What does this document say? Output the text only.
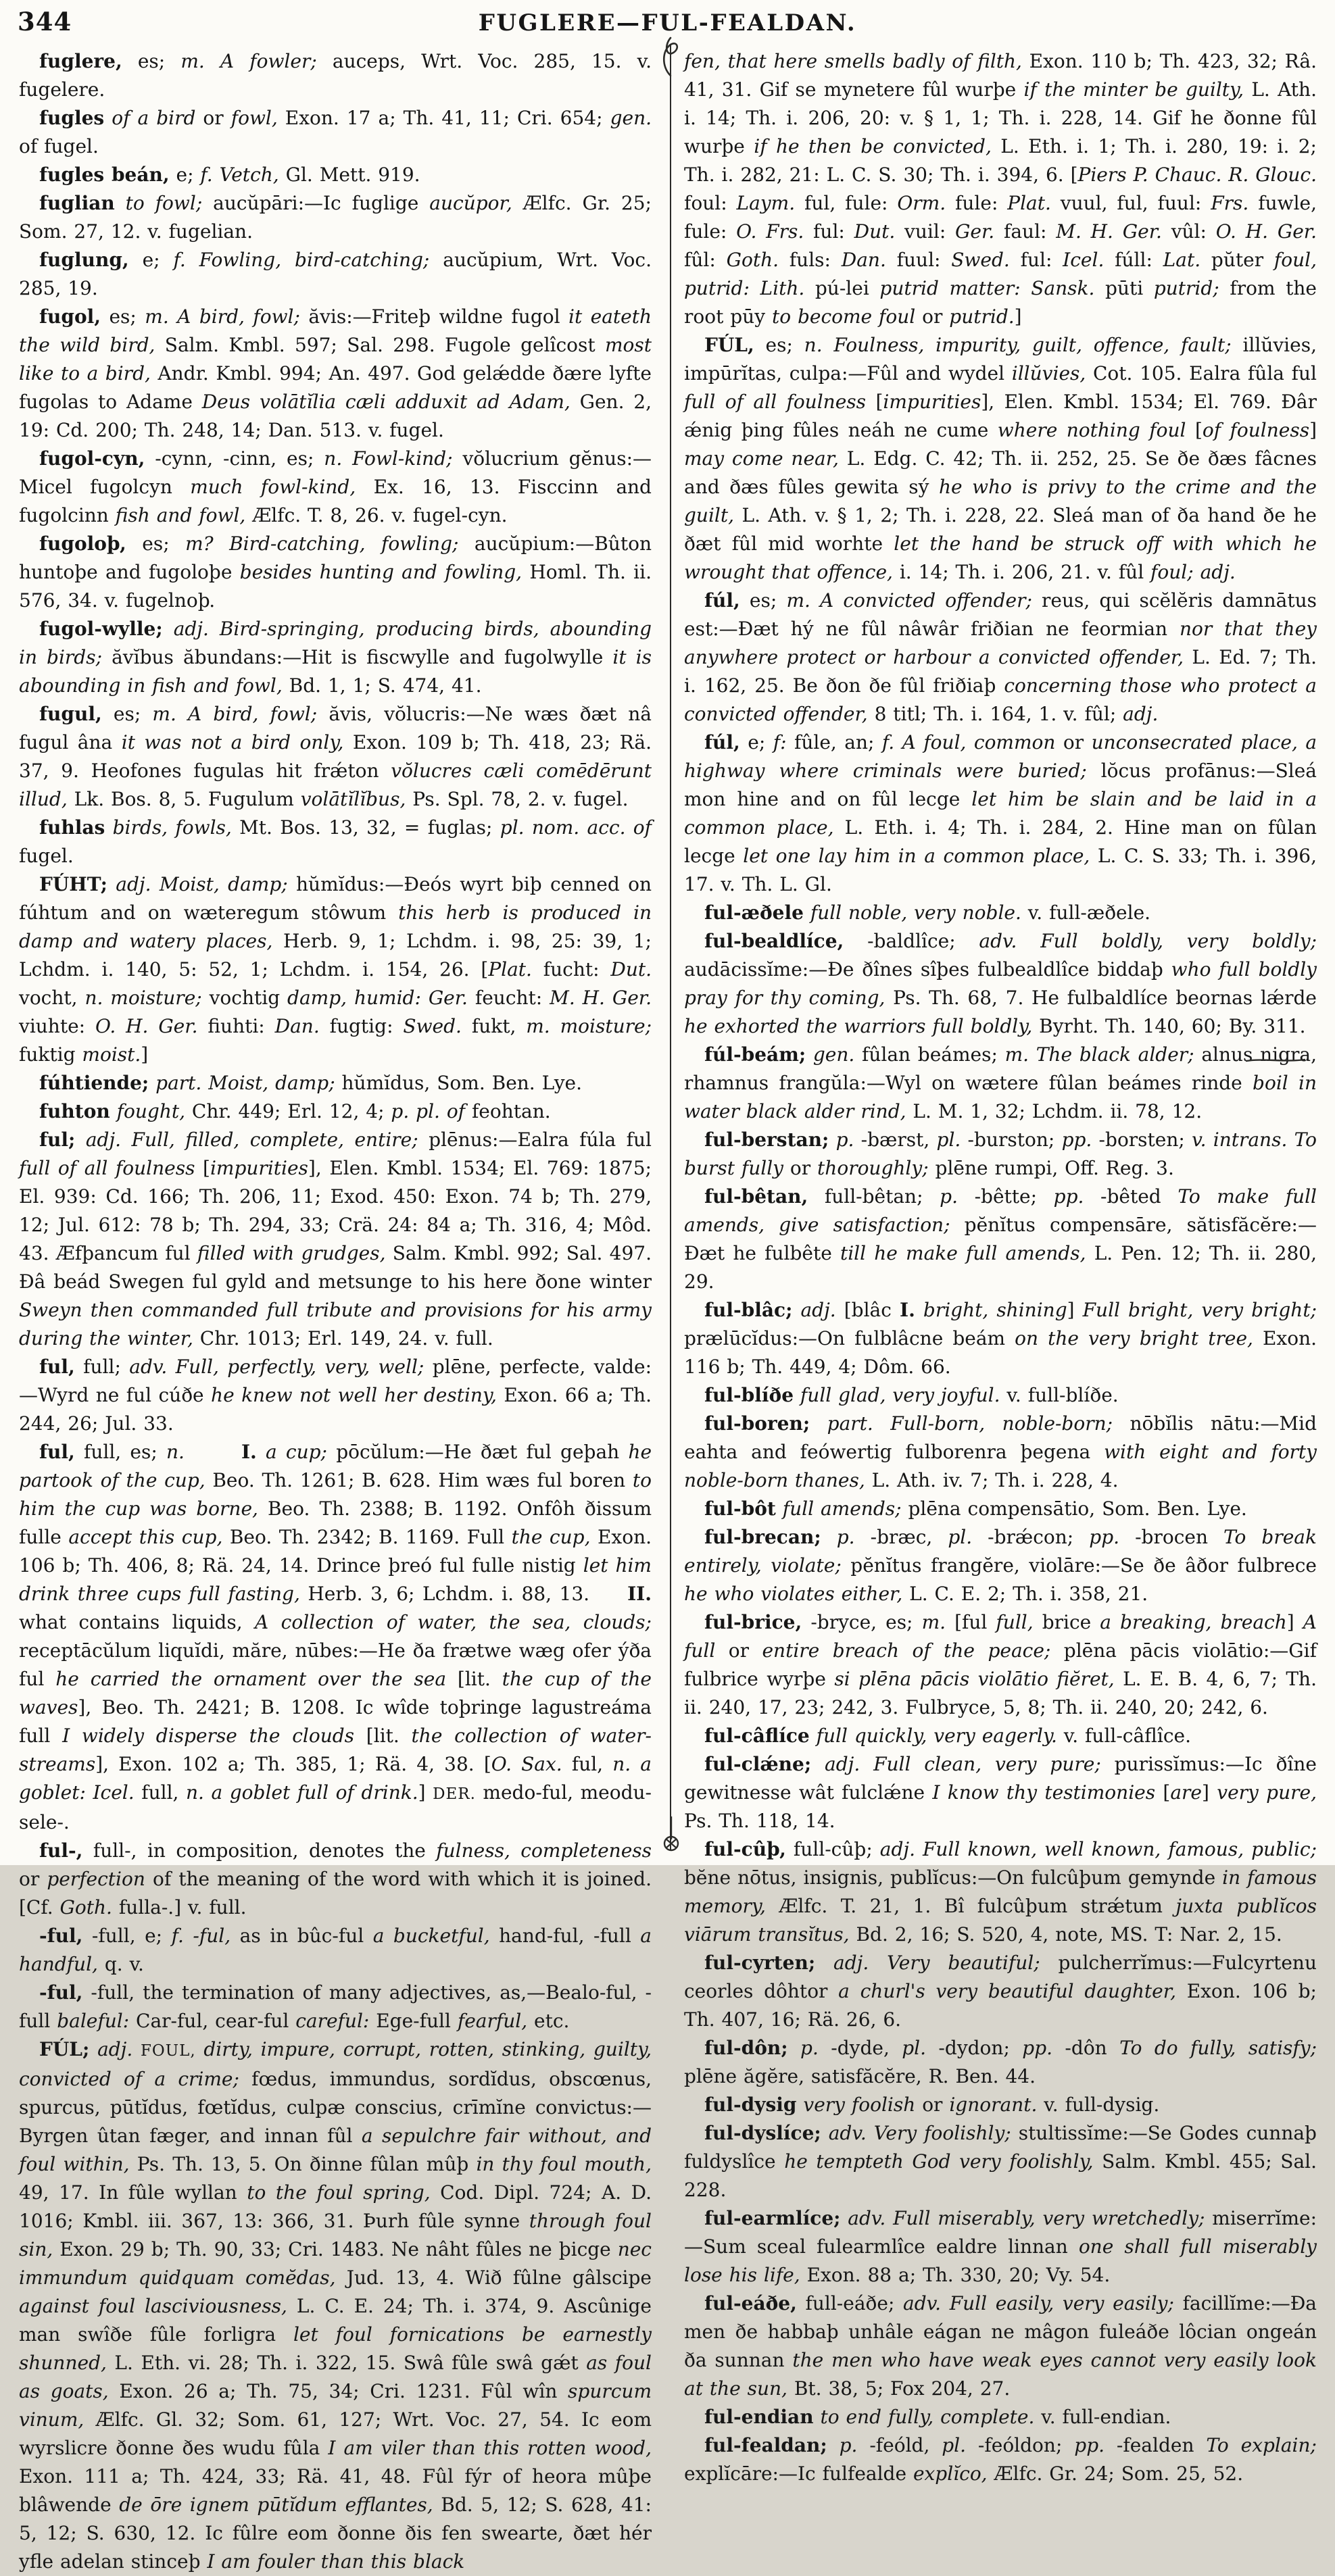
344	FUGLERE—FUL-FEALDAN.

fuglere, es; m. A fowler; auceps, Wrt. Voc. 285, 15. v. fugelere.

fugles of a bird or fowl, Exon. 17 a; Th. 41, 11; Cri. 654; gen. of fugel.

fugles beán, e; f. Vetch, Gl. Mett. 919.

fuglian to fowl; aucŭpāri:—Ic fuglige aucŭpor, Ælfc. Gr. 25; Som. 27, 12. v. fugelian.

fuglung, e; f. Fowling, bird-catching; aucŭpium, Wrt. Voc. 285, 19.

fugol, es; m. A bird, fowl; ăvis:—Friteþ wildne fugol it eateth the wild bird, Salm. Kmbl. 597; Sal. 298. Fugole gelîcost most like to a bird, Andr. Kmbl. 994; An. 497. God gelǽdde ðære lyfte fugolas to Adame Deus volātĭlia cæli adduxit ad Adam, Gen. 2, 19: Cd. 200; Th. 248, 14; Dan. 513. v. fugel.

fugol-cyn, -cynn, -cinn, es; n. Fowl-kind; vŏlucrium gĕnus:—Micel fugolcyn much fowl-kind, Ex. 16, 13. Fisccinn and fugolcinn fish and fowl, Ælfc. T. 8, 26. v. fugel-cyn.

fugoloþ, es; m? Bird-catching, fowling; aucŭpium:—Bûton huntoþe and fugoloþe besides hunting and fowling, Homl. Th. ii. 576, 34. v. fugelnoþ.

fugol-wylle; adj. Bird-springing, producing birds, abounding in birds; ăvĭbus ăbundans:—Hit is fiscwylle and fugolwylle it is abounding in fish and fowl, Bd. 1, 1; S. 474, 41.

fugul, es; m. A bird, fowl; ăvis, vŏlucris:—Ne wæs ðæt nâ fugul âna it was not a bird only, Exon. 109 b; Th. 418, 23; Rä. 37, 9. Heofones fugulas hit frǽton vŏlucres cæli comēdērunt illud, Lk. Bos. 8, 5. Fugulum volātĭlĭbus, Ps. Spl. 78, 2. v. fugel.

fuhlas birds, fowls, Mt. Bos. 13, 32, = fuglas; pl. nom. acc. of fugel.

FÚHT; adj. Moist, damp; hŭmĭdus:—Ðeós wyrt biþ cenned on fúhtum and on wæteregum stôwum this herb is produced in damp and watery places, Herb. 9, 1; Lchdm. i. 98, 25: 39, 1; Lchdm. i. 140, 5: 52, 1; Lchdm. i. 154, 26. [Plat. fucht: Dut. vocht, n. moisture; vochtig damp, humid: Ger. feucht: M. H. Ger. viuhte: O. H. Ger. fiuhti: Dan. fugtig: Swed. fukt, m. moisture; fuktig moist.]

fúhtiende; part. Moist, damp; hŭmĭdus, Som. Ben. Lye.

fuhton fought, Chr. 449; Erl. 12, 4; p. pl. of feohtan.

ful; adj. Full, filled, complete, entire; plēnus:—Ealra fúla ful full of all foulness [impurities], Elen. Kmbl. 1534; El. 769: 1875; El. 939: Cd. 166; Th. 206, 11; Exod. 450: Exon. 74 b; Th. 279, 12; Jul. 612: 78 b; Th. 294, 33; Crä. 24: 84 a; Th. 316, 4; Môd. 43. Æfþancum ful filled with grudges, Salm. Kmbl. 992; Sal. 497. Ðâ beád Swegen ful gyld and metsunge to his here ðone winter Sweyn then commanded full tribute and provisions for his army during the winter, Chr. 1013; Erl. 149, 24. v. full.

ful, full; adv. Full, perfectly, very, well; plēne, perfecte, valde:—Wyrd ne ful cúðe he knew not well her destiny, Exon. 66 a; Th. 244, 26; Jul. 33.

ful, full, es; n.   	I. a cup; pōcŭlum:—He ðæt ful geþah he partook of the cup, Beo. Th. 1261; B. 628. Him wæs ful boren to him the cup was borne, Beo. Th. 2388; B. 1192. Onfôh ðissum fulle accept this cup, Beo. Th. 2342; B. 1169. Full the cup, Exon. 106 b; Th. 406, 8; Rä. 24, 14. Drince þreó ful fulle nistig let him drink three cups full fasting, Herb. 3, 6; Lchdm. i. 88, 13.  II. what contains liquids, A collection of water, the sea, clouds; receptācŭlum liquĭdi, măre, nūbes:—He ða frætwe wæg ofer ýða ful he carried the ornament over the sea [lit. the cup of the waves], Beo. Th. 2421; B. 1208. Ic wîde toþringe lagustreáma full I widely disperse the clouds [lit. the collection of water-streams], Exon. 102 a; Th. 385, 1; Rä. 4, 38. [O. Sax. ful, n. a goblet: Icel. full, n. a goblet full of drink.] DER. medo-ful, meodu-sele-.

ful-, full-, in composition, denotes the fulness, completeness or perfection of the meaning of the word with which it is joined. [Cf. Goth. fulla-.] v. full.

-ful, -full, e; f. -ful, as in bûc-ful a bucketful, hand-ful, -full a handful, q. v.

-ful, -full, the termination of many adjectives, as,—Bealo-ful, -full baleful: Car-ful, cear-ful careful: Ege-full fearful, etc.

FÚL; adj. FOUL, dirty, impure, corrupt, rotten, stinking, guilty, convicted of a crime; fœdus, immundus, sordĭdus, obscœnus, spurcus, pūtĭdus, fœtĭdus, culpæ conscius, crīmĭne convictus:—Byrgen ûtan fæger, and innan fûl a sepulchre fair without, and foul within, Ps. Th. 13, 5. On ðinne fûlan mûþ in thy foul mouth, 49, 17. In fûle wyllan to the foul spring, Cod. Dipl. 724; A. D. 1016; Kmbl. iii. 367, 13: 366, 31. Þurh fûle synne through foul sin, Exon. 29 b; Th. 90, 33; Cri. 1483. Ne nâht fûles ne þicge nec immundum quidquam comĕdas, Jud. 13, 4. Wið fûlne gâlscipe against foul lasciviousness, L. C. E. 24; Th. i. 374, 9. Ascûnige man swîðe fûle forligra let foul fornications be earnestly shunned, L. Eth. vi. 28; Th. i. 322, 15. Swâ fûle swâ gǽt as foul as goats, Exon. 26 a; Th. 75, 34; Cri. 1231. Fûl wîn spurcum vinum, Ælfc. Gl. 32; Som. 61, 127; Wrt. Voc. 27, 54. Ic eom wyrslicre ðonne ðes wudu fûla I am viler than this rotten wood, Exon. 111 a; Th. 424, 33; Rä. 41, 48. Fûl fýr of heora mûþe blâwende de ōre ignem pūtĭdum efflantes, Bd. 5, 12; S. 628, 41: 5, 12; S. 630, 12. Ic fûlre eom ðonne ðis fen swearte, ðæt hér yfle adelan stinceþ I am fouler than this black

fen, that here smells badly of filth, Exon. 110 b; Th. 423, 32; Râ. 41, 31. Gif se mynetere fûl wurþe if the minter be guilty, L. Ath. i. 14; Th. i. 206, 20: v. § 1, 1; Th. i. 228, 14. Gif he ðonne fûl wurþe if he then be convicted, L. Eth. i. 1; Th. i. 280, 19: i. 2; Th. i. 282, 21: L. C. S. 30; Th. i. 394, 6. [Piers P. Chauc. R. Glouc. foul: Laym. ful, fule: Orm. fule: Plat. vuul, ful, fuul: Frs. fuwle, fule: O. Frs. ful: Dut. vuil: Ger. faul: M. H. Ger. vûl: O. H. Ger. fûl: Goth. fuls: Dan. fuul: Swed. ful: Icel. fúll: Lat. pŭter foul, putrid: Lith. pú-lei putrid matter: Sansk. pūti putrid; from the root pūy to become foul or putrid.]

FÚL, es; n. Foulness, impurity, guilt, offence, fault; illŭvies, impūrĭtas, culpa:—Fûl and wydel illŭvies, Cot. 105. Ealra fûla ful full of all foulness [impurities], Elen. Kmbl. 1534; El. 769. Ðâr ǽnig þing fûles neáh ne cume where nothing foul [of foulness] may come near, L. Edg. C. 42; Th. ii. 252, 25. Se ðe ðæs fâcnes and ðæs fûles gewita sý he who is privy to the crime and the guilt, L. Ath. v. § 1, 2; Th. i. 228, 22. Sleá man of ða hand ðe he ðæt fûl mid worhte let the hand be struck off with which he wrought that offence, i. 14; Th. i. 206, 21. v. fûl foul; adj.

fúl, es; m. A convicted offender; reus, qui scĕlĕris damnātus est:—Ðæt hý ne fûl nâwâr friðian ne feormian nor that they anywhere protect or harbour a convicted offender, L. Ed. 7; Th. i. 162, 25. Be ðon ðe fûl friðiaþ concerning those who protect a convicted offender, 8 titl; Th. i. 164, 1. v. fûl; adj.

fúl, e; f: fûle, an; f. A foul, common or unconsecrated place, a highway where criminals were buried; lŏcus profānus:—Sleá mon hine and on fûl lecge let him be slain and be laid in a common place, L. Eth. i. 4; Th. i. 284, 2. Hine man on fûlan lecge let one lay him in a common place, L. C. S. 33; Th. i. 396, 17. v. Th. L. Gl.

ful-æðele full noble, very noble. v. full-æðele.

ful-bealdlíce, -baldlîce; adv. Full boldly, very boldly; audācissĭme:—Ðe ðînes sîþes fulbealdlîce biddaþ who full boldly pray for thy coming, Ps. Th. 68, 7. He fulbaldlíce beornas lǽrde he exhorted the warriors full boldly, Byrht. Th. 140, 60; By. 311.

fúl-beám; gen. fûlan beámes; m. The black alder; alnus nigra, rhamnus frangŭla:—Wyl on wætere fûlan beámes rinde boil in water black alder rind, L. M. 1, 32; Lchdm. ii. 78, 12.

ful-berstan; p. -bærst, pl. -burston; pp. -borsten; v. intrans. To burst fully or thoroughly; plēne rumpi, Off. Reg. 3.

ful-bêtan, full-bêtan; p. -bêtte; pp. -bêted To make full amends, give satisfaction; pĕnĭtus compensāre, sătisfăcĕre:—Ðæt he fulbête till he make full amends, L. Pen. 12; Th. ii. 280, 29.

ful-blâc; adj. [blâc I. bright, shining] Full bright, very bright; prælūcĭdus:—On fulblâcne beám on the very bright tree, Exon. 116 b; Th. 449, 4; Dôm. 66.

ful-blíðe full glad, very joyful. v. full-blíðe.

ful-boren; part. Full-born, noble-born; nōbĭlis nātu:—Mid eahta and feówertig fulborenra þegena with eight and forty noble-born thanes, L. Ath. iv. 7; Th. i. 228, 4.

ful-bôt full amends; plēna compensātio, Som. Ben. Lye.

ful-brecan; p. -bræc, pl. -brǽcon; pp. -brocen To break entirely, violate; pĕnĭtus frangĕre, violāre:—Se ðe âðor fulbrece he who violates either, L. C. E. 2; Th. i. 358, 21.

ful-brice, -bryce, es; m. [ful full, brice a breaking, breach] A full or entire breach of the peace; plēna pācis violātio:—Gif fulbrice wyrþe si plēna pācis violātio fiĕret, L. E. B. 4, 6, 7; Th. ii. 240, 17, 23; 242, 3. Fulbryce, 5, 8; Th. ii. 240, 20; 242, 6.

ful-câflíce full quickly, very eagerly. v. full-câflîce.

ful-clǽne; adj. Full clean, very pure; purissĭmus:—Ic ðîne gewitnesse wât fulclǽne I know thy testimonies [are] very pure, Ps. Th. 118, 14.

ful-cûþ, full-cûþ; adj. Full known, well known, famous, public; bĕne nōtus, insignis, publĭcus:—On fulcûþum gemynde in famous memory, Ælfc. T. 21, 1. Bî fulcûþum strǽtum juxta publĭcos viārum transĭtus, Bd. 2, 16; S. 520, 4, note, MS. T: Nar. 2, 15.

ful-cyrten; adj. Very beautiful; pulcherrĭmus:—Fulcyrtenu ceorles dôhtor a churl's very beautiful daughter, Exon. 106 b; Th. 407, 16; Rä. 26, 6.

ful-dôn; p. -dyde, pl. -dydon; pp. -dôn To do fully, satisfy; plēne ăgĕre, satisfăcĕre, R. Ben. 44.

ful-dysig very foolish or ignorant. v. full-dysig.

ful-dyslíce; adv. Very foolishly; stultissĭme:—Se Godes cunnaþ fuldyslîce he tempteth God very foolishly, Salm. Kmbl. 455; Sal. 228.

ful-earmlíce; adv. Full miserably, very wretchedly; miserrĭme:—Sum sceal fulearmlîce ealdre linnan one shall full miserably lose his life, Exon. 88 a; Th. 330, 20; Vy. 54.

ful-eáðe, full-eáðe; adv. Full easily, very easily; facillĭme:—Ða men ðe habbaþ unhâle eágan ne mâgon fuleáðe lôcian ongeán ða sunnan the men who have weak eyes cannot very easily look at the sun, Bt. 38, 5; Fox 204, 27.

ful-endian to end fully, complete. v. full-endian.

ful-fealdan; p. -feóld, pl. -feóldon; pp. -fealden To explain; explĭcāre:—Ic fulfealde explĭco, Ælfc. Gr. 24; Som. 25, 52.
